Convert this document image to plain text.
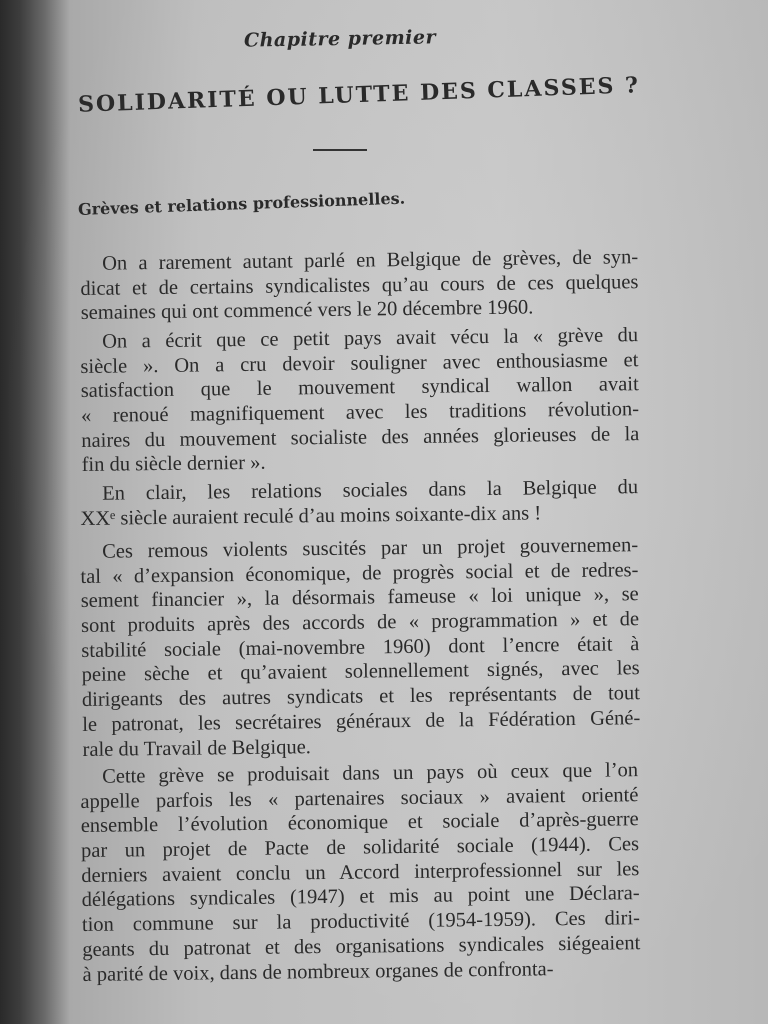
Chapitre premier
SOLIDARITÉ OU LUTTE DES CLASSES ?
Grèves et relations professionnelles.
On a rarement autant parlé en Belgique de grèves, de syn-
dicat et de certains syndicalistes qu’au cours de ces quelques
semaines qui ont commencé vers le 20 décembre 1960.
On a écrit que ce petit pays avait vécu la « grève du
siècle ». On a cru devoir souligner avec enthousiasme et
satisfaction que le mouvement syndical wallon avait
« renoué magnifiquement avec les traditions révolution-
naires du mouvement socialiste des années glorieuses de la
fin du siècle dernier ».
En clair, les relations sociales dans la Belgique du
XXᵉ siècle auraient reculé d’au moins soixante-dix ans !
Ces remous violents suscités par un projet gouvernemen-
tal « d’expansion économique, de progrès social et de redres-
sement financier », la désormais fameuse « loi unique », se
sont produits après des accords de « programmation » et de
stabilité sociale (mai-novembre 1960) dont l’encre était à
peine sèche et qu’avaient solennellement signés, avec les
dirigeants des autres syndicats et les représentants de tout
le patronat, les secrétaires généraux de la Fédération Géné-
rale du Travail de Belgique.
Cette grève se produisait dans un pays où ceux que l’on
appelle parfois les « partenaires sociaux » avaient orienté
ensemble l’évolution économique et sociale d’après-guerre
par un projet de Pacte de solidarité sociale (1944). Ces
derniers avaient conclu un Accord interprofessionnel sur les
délégations syndicales (1947) et mis au point une Déclara-
tion commune sur la productivité (1954-1959). Ces diri-
geants du patronat et des organisations syndicales siégeaient
à parité de voix, dans de nombreux organes de confronta-
